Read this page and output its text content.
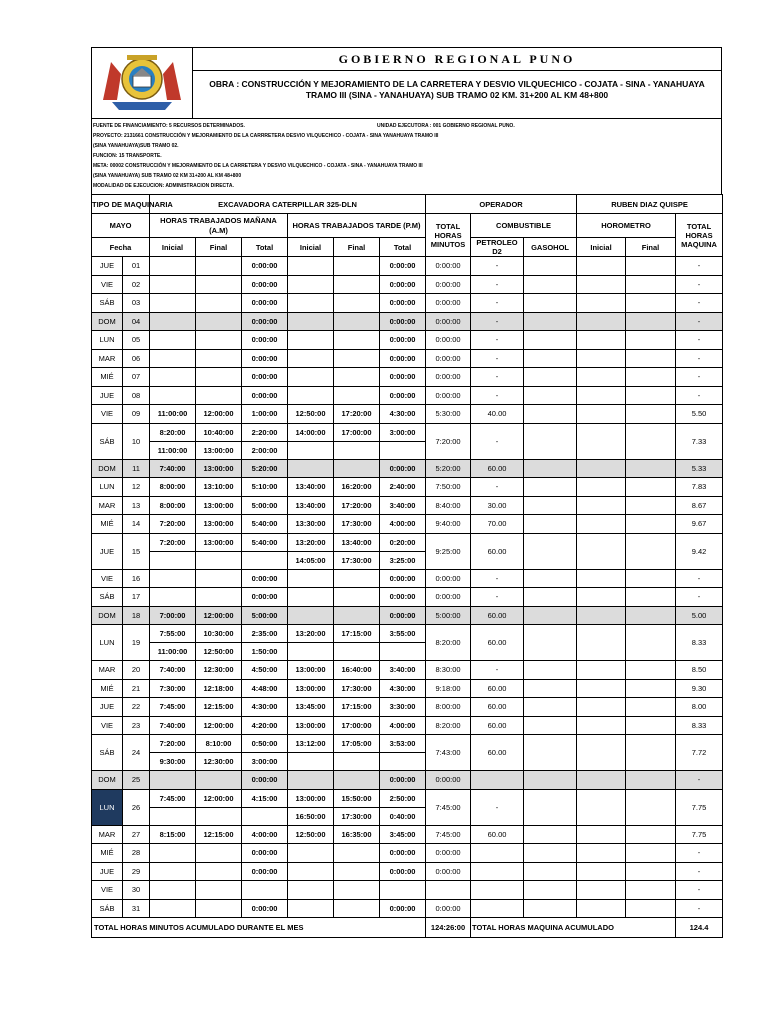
GOBIERNO REGIONAL PUNO
OBRA : CONSTRUCCIÓN Y MEJORAMIENTO DE LA CARRETERA Y DESVIO VILQUECHICO - COJATA - SINA - YANAHUAYA TRAMO III (SINA - YANAHUAYA) SUB TRAMO 02 KM. 31+200 AL KM 48+800
FUENTE DE FINANCIAMIENTO: 5 RECURSOS DETERMINADOS.	UNIDAD EJECUTORA : 001 GOBIERNO REGIONAL PUNO.
PROYECTO: 2131661 CONSTRUCCIÓN Y MEJORAMIENTO DE LA CARRRETERA DESVIO VILQUECHICO - COJATA - SINA YANAHUAYA TRAMO III
(SINA YANAHUAYA)SUB TRAMO 02.
FUNCION: 15 TRANSPORTE.
META: 00002 CONSTRUCCIÓN Y MEJORAMIENTO DE LA CARRETERA Y DESVIO VILQUECHICO - COJATA - SINA - YANAHUAYA TRAMO III
(SINA YANAHUAYA) SUB TRAMO 02 KM 31+200 AL KM 48+800
MODALIDAD DE EJECUCION: ADMINISTRACION DIRECTA.
TIPO DE MAQUINARIA		EXCAVADORA CATERPILLAR 325-DLN						OPERADOR			RUBEN DIAZ QUISPE		
MAYO		HORAS TRABAJADOS MAÑANA (A.M)			HORAS TRABAJADOS TARDE (P.M)			TOTAL HORAS MINUTOS	COMBUSTIBLE		HOROMETRO		TOTAL HORAS MAQUINA
Fecha		Inicial	Final	Total	Inicial	Final	Total		PETROLEO D2	GASOHOL	Inicial	Final	
JUE	01			0:00:00			0:00:00	0:00:00	-				-
VIE	02			0:00:00			0:00:00	0:00:00	-				-
SÁB	03			0:00:00			0:00:00	0:00:00	-				-
DOM	04			0:00:00			0:00:00	0:00:00	-				-
LUN	05			0:00:00			0:00:00	0:00:00	-				-
MAR	06			0:00:00			0:00:00	0:00:00	-				-
MIÉ	07			0:00:00			0:00:00	0:00:00	-				-
JUE	08			0:00:00			0:00:00	0:00:00	-				-
VIE	09	11:00:00	12:00:00	1:00:00	12:50:00	17:20:00	4:30:00	5:30:00	40.00				5.50
SÁB	10	8:20:00	10:40:00	2:20:00	14:00:00	17:00:00	3:00:00	7:20:00	-				7.33
		11:00:00	13:00:00	2:00:00									
DOM	11	7:40:00	13:00:00	5:20:00			0:00:00	5:20:00	60.00				5.33
LUN	12	8:00:00	13:10:00	5:10:00	13:40:00	16:20:00	2:40:00	7:50:00	-				7.83
MAR	13	8:00:00	13:00:00	5:00:00	13:40:00	17:20:00	3:40:00	8:40:00	30.00				8.67
MIÉ	14	7:20:00	13:00:00	5:40:00	13:30:00	17:30:00	4:00:00	9:40:00	70.00				9.67
JUE	15	7:20:00	13:00:00	5:40:00	13:20:00	13:40:00	0:20:00	9:25:00	60.00				9.42
					14:05:00	17:30:00	3:25:00						
VIE	16			0:00:00			0:00:00	0:00:00	-				-
SÁB	17			0:00:00			0:00:00	0:00:00	-				-
DOM	18	7:00:00	12:00:00	5:00:00			0:00:00	5:00:00	60.00				5.00
LUN	19	7:55:00	10:30:00	2:35:00	13:20:00	17:15:00	3:55:00	8:20:00	60.00				8.33
		11:00:00	12:50:00	1:50:00									
MAR	20	7:40:00	12:30:00	4:50:00	13:00:00	16:40:00	3:40:00	8:30:00	-				8.50
MIÉ	21	7:30:00	12:18:00	4:48:00	13:00:00	17:30:00	4:30:00	9:18:00	60.00				9.30
JUE	22	7:45:00	12:15:00	4:30:00	13:45:00	17:15:00	3:30:00	8:00:00	60.00				8.00
VIE	23	7:40:00	12:00:00	4:20:00	13:00:00	17:00:00	4:00:00	8:20:00	60.00				8.33
SÁB	24	7:20:00	8:10:00	0:50:00	13:12:00	17:05:00	3:53:00	7:43:00	60.00				7.72
		9:30:00	12:30:00	3:00:00									
DOM	25			0:00:00			0:00:00	0:00:00					-
LUN	26	7:45:00	12:00:00	4:15:00	13:00:00	15:50:00	2:50:00	7:45:00	-				7.75
					16:50:00	17:30:00	0:40:00						
MAR	27	8:15:00	12:15:00	4:00:00	12:50:00	16:35:00	3:45:00	7:45:00	60.00				7.75
MIÉ	28			0:00:00			0:00:00	0:00:00					-
JUE	29			0:00:00			0:00:00	0:00:00					-
VIE	30												-
SÁB	31			0:00:00			0:00:00	0:00:00					-
TOTAL HORAS MINUTOS ACUMULADO DURANTE EL MES								124:26:00	TOTAL HORAS MAQUINA ACUMULADO				124.4
